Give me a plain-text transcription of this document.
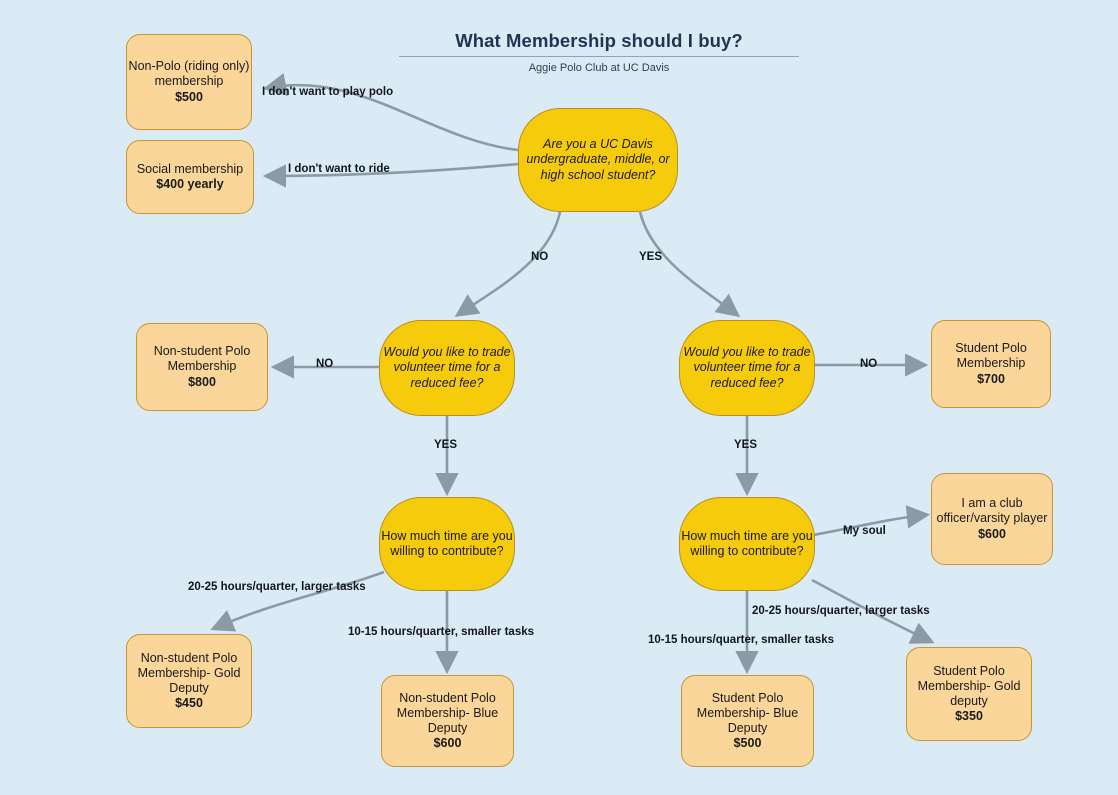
What Membership should I buy?
Aggie Polo Club at UC Davis
Non-Polo (riding only)
membership
$500
Social membership
$400 yearly
Are you a UC Davis
undergraduate, middle, or
high school student?
Non-student Polo
Membership
$800
Would you like to trade
volunteer time for a
reduced fee?
Would you like to trade
volunteer time for a
reduced fee?
Student Polo
Membership
$700
How much time are you
willing to contribute?
How much time are you
willing to contribute?
I am a club
officer/varsity player
$600
Non-student Polo
Membership- Gold
Deputy
$450	Non-student Polo
Membership- Blue
Deputy
$600
Student Polo
Membership- Blue
Deputy
$500
Student Polo
Membership- Gold
deputy
$350
I don't want to play polo
I don't want to ride
NO	YES
NO	NO
YES	YES
My soul
20-25 hours/quarter, larger tasks
10-15 hours/quarter, smaller tasks
20-25 hours/quarter, larger tasks
10-15 hours/quarter, smaller tasks
